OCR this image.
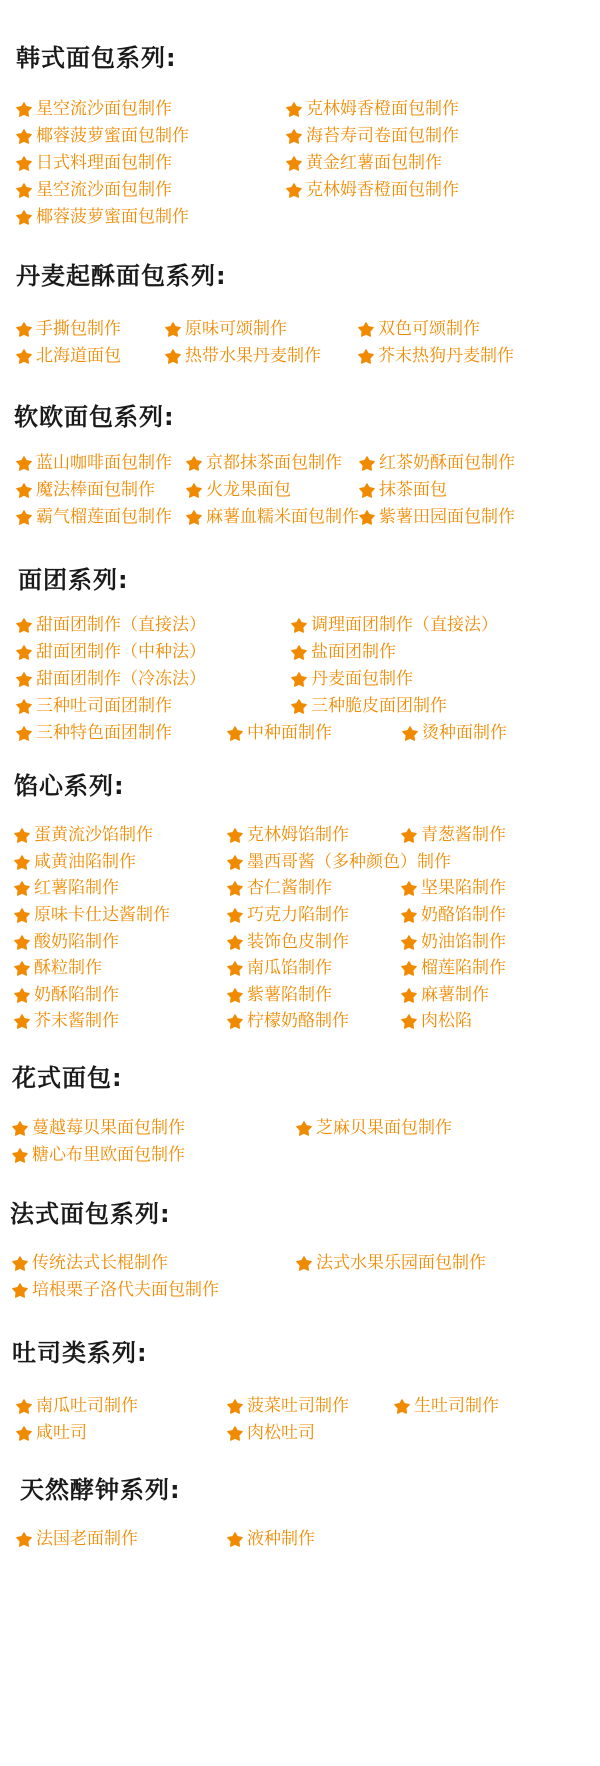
韩式面包系列:
星空流沙面包制作	克林姆香橙面包制作
椰蓉菠萝蜜面包制作	海苔寿司卷面包制作
日式料理面包制作	黄金红薯面包制作
星空流沙面包制作	克林姆香橙面包制作
椰蓉菠萝蜜面包制作
丹麦起酥面包系列:
手撕包制作	原味可颂制作	双色可颂制作
北海道面包	热带水果丹麦制作	芥末热狗丹麦制作
软欧面包系列:
蓝山咖啡面包制作 京都抹茶面包制作 红茶奶酥面包制作
魔法棒面包制作	火龙果面包	抹茶面包
霸气榴莲面包制作 麻薯血糯米面包制作 紫薯田园面包制作
面团系列:
甜面团制作（直接法）	调理面团制作（直接法）
甜面团制作（中种法）	盐面团制作
甜面团制作（冷冻法）	丹麦面包制作
三种吐司面团制作	三种脆皮面团制作
三种特色面团制作	中种面制作	烫种面制作
馅心系列:
蛋黄流沙馅制作	克林姆馅制作	青葱酱制作
咸黄油陷制作	墨西哥酱（多种颜色）制作
红薯陷制作	杏仁酱制作	坚果陷制作
原味卡仕达酱制作	巧克力陷制作	奶酪馅制作
酸奶陷制作	装饰色皮制作	奶油馅制作
酥粒制作	南瓜馅制作	榴莲陷制作
奶酥陷制作	紫薯陷制作	麻薯制作
芥末酱制作	柠檬奶酪制作	肉松陷
花式面包:
蔓越莓贝果面包制作	芝麻贝果面包制作
糖心布里欧面包制作
法式面包系列:
传统法式长棍制作	法式水果乐园面包制作
培根栗子洛代夫面包制作
吐司类系列:
南瓜吐司制作	菠菜吐司制作	生吐司制作
咸吐司	肉松吐司
天然酵钟系列:
法国老面制作	液种制作
